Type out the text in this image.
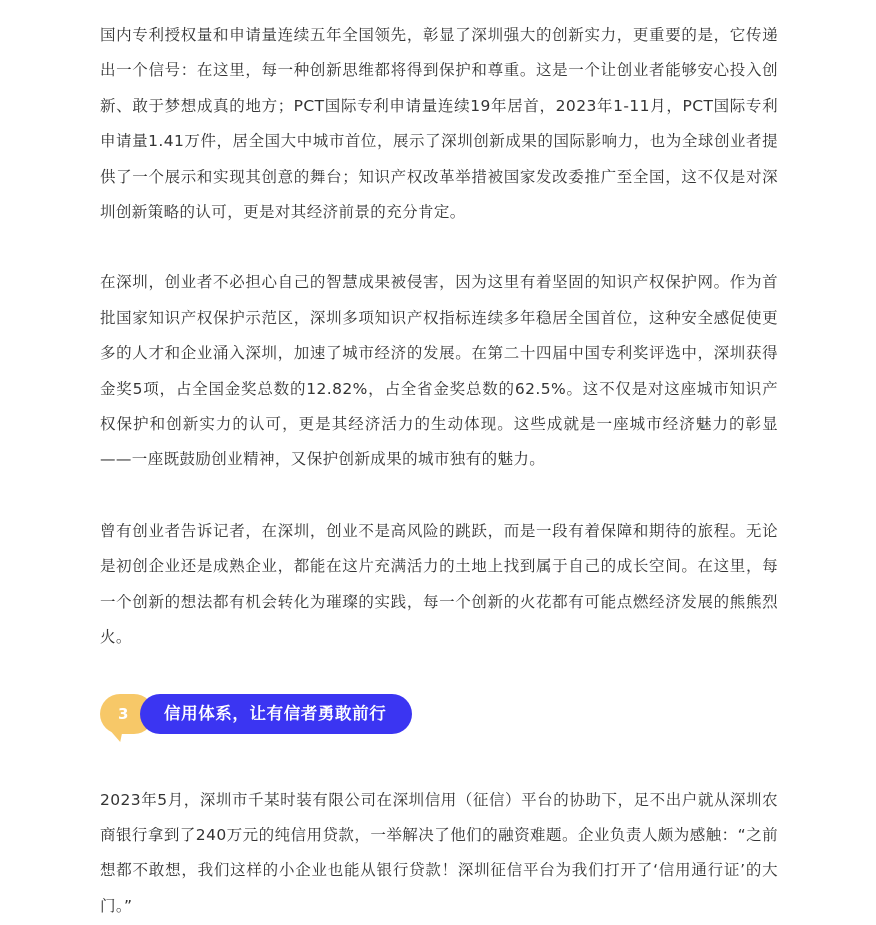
国内专利授权量和申请量连续五年全国领先，彰显了深圳强大的创新实力，更重要的是，它传递出一个信号：在这里，每一种创新思维都将得到保护和尊重。这是一个让创业者能够安心投入创新、敢于梦想成真的地方；PCT国际专利申请量连续19年居首，2023年1-11月，PCT国际专利申请量1.41万件，居全国大中城市首位，展示了深圳创新成果的国际影响力，也为全球创业者提供了一个展示和实现其创意的舞台；知识产权改革举措被国家发改委推广至全国，这不仅是对深圳创新策略的认可，更是对其经济前景的充分肯定。

在深圳，创业者不必担心自己的智慧成果被侵害，因为这里有着坚固的知识产权保护网。作为首批国家知识产权保护示范区，深圳多项知识产权指标连续多年稳居全国首位，这种安全感促使更多的人才和企业涌入深圳，加速了城市经济的发展。在第二十四届中国专利奖评选中，深圳获得金奖5项，占全国金奖总数的12.82%，占全省金奖总数的62.5%。这不仅是对这座城市知识产权保护和创新实力的认可，更是其经济活力的生动体现。这些成就是一座城市经济魅力的彰显——一座既鼓励创业精神，又保护创新成果的城市独有的魅力。

曾有创业者告诉记者，在深圳，创业不是高风险的跳跃，而是一段有着保障和期待的旅程。无论是初创企业还是成熟企业，都能在这片充满活力的土地上找到属于自己的成长空间。在这里，每一个创新的想法都有机会转化为璀璨的实践，每一个创新的火花都有可能点燃经济发展的熊熊烈火。

3	信用体系，让有信者勇敢前行

2023年5月，深圳市千某时装有限公司在深圳信用（征信）平台的协助下，足不出户就从深圳农商银行拿到了240万元的纯信用贷款，一举解决了他们的融资难题。企业负责人颇为感触：“之前想都不敢想，我们这样的小企业也能从银行贷款！深圳征信平台为我们打开了‘信用通行证’的大门。”
